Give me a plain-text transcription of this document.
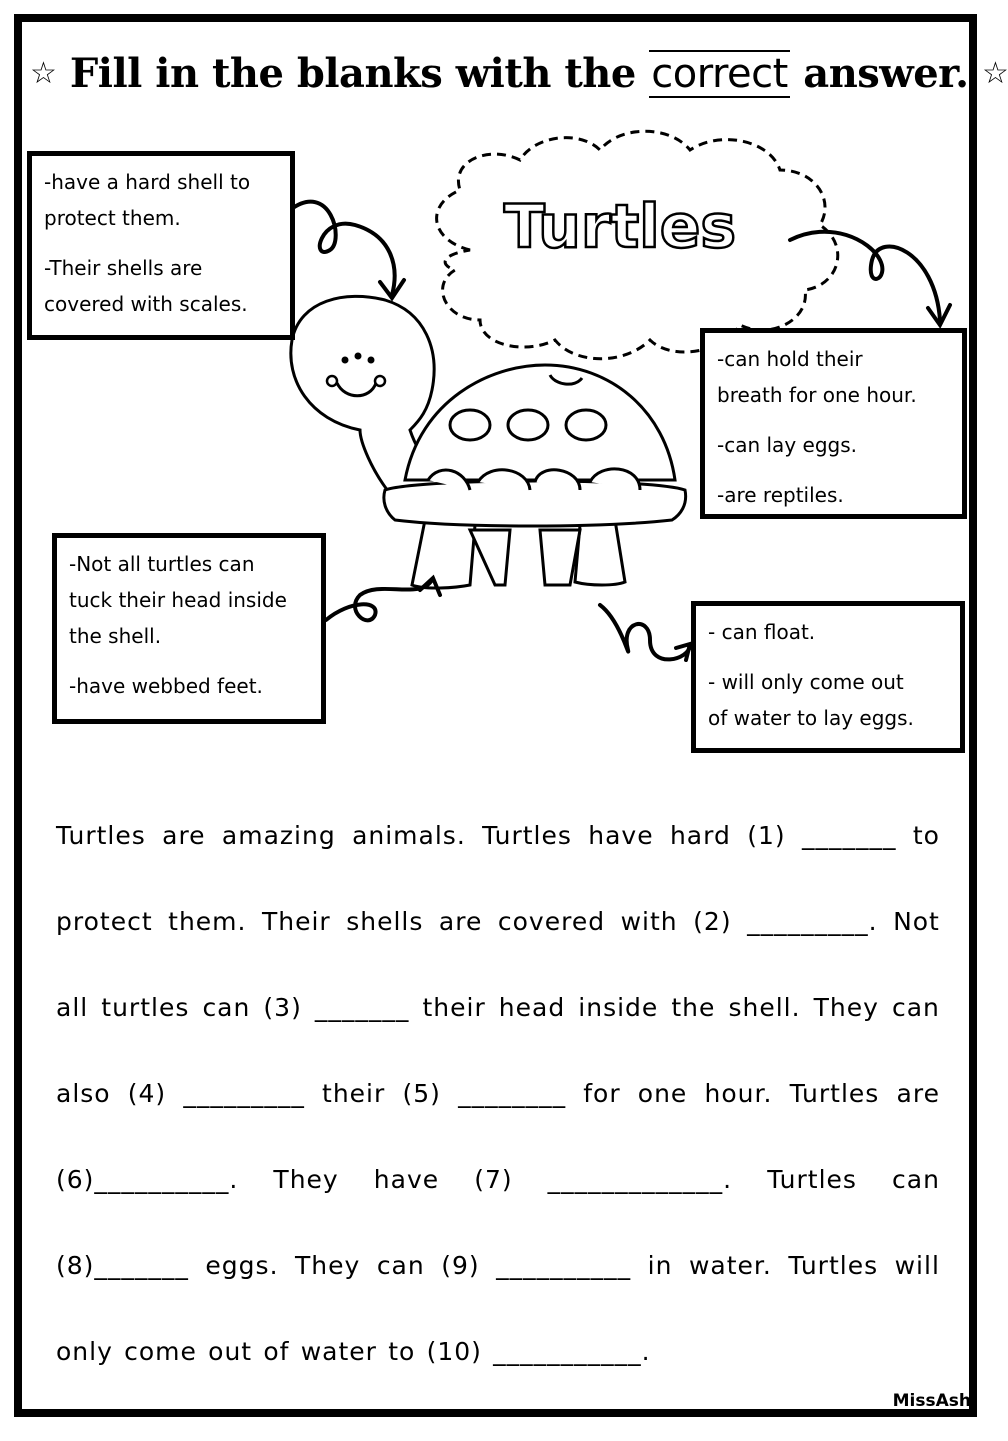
☆ Fill in the blanks with the correct answer. ☆
Turtles

-have a hard shell to
protect them.

-Their shells are
covered with scales.

-can hold their
breath for one hour.

-can lay eggs.

-are reptiles.

-Not all turtles can
tuck their head inside
the shell.

-have webbed feet.

- can float.

- will only come out
of water to lay eggs.

Turtles are amazing animals. Turtles have hard (1) _______ to
protect them. Their shells are covered with (2) _________. Not
all turtles can (3) _______ their head inside the shell. They can
also (4) _________ their (5) ________ for one hour. Turtles are
(6)__________. They have (7) _____________. Turtles can
(8)_______ eggs. They can (9) __________ in water. Turtles will
only come out of water to (10) ___________.
MissAsh
